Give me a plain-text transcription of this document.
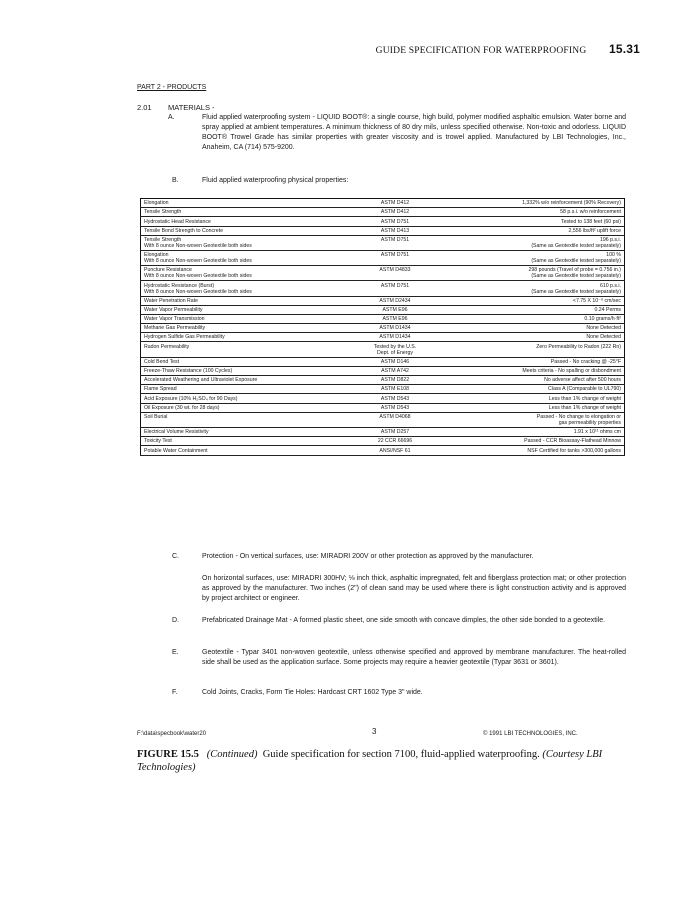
GUIDE SPECIFICATION FOR WATERPROOFING 15.31
PART 2 - PRODUCTS
2.01 MATERIALS -
A.	Fluid applied waterproofing system - LIQUID BOOT®: a single course, high build, polymer modified asphaltic emulsion. Water borne and spray applied at ambient temperatures. A minimum thickness of 80 dry mils, unless specified otherwise. Non-toxic and odorless. LIQUID BOOT® Trowel Grade has similar properties with greater viscosity and is trowel applied. Manufactured by LBI Technologies, Inc., Anaheim, CA (714) 575-9200.
B.	Fluid applied waterproofing physical properties:
Elongation	ASTM D412	1,332% w/o reinforcement (90% Recovery)
Tensile Strength	ASTM D412	58 p.s.i. w/o reinforcement
Hydrostatic Head Resistance	ASTM D751	Tested to 138 feet (60 psi)
Tensile Bond Strength to Concrete	ASTM D413	2,556 lbs/ft² uplift force
Tensile Strength
With 8 ounce Non-woven Geotextile both sides	ASTM D751	196 p.s.i.
(Same as Geotextile tested separately)
Elongation
With 8 ounce Non-woven Geotextile both sides	ASTM D751	100 %
(Same as Geotextile tested separately)
Puncture Resistance
With 8 ounce Non-woven Geotextile both sides	ASTM D4833	298 pounds (Travel of probe = 0.756 in.)
(Same as Geotextile tested separately)
Hydrostatic Resistance (Burst)
With 8 ounce Non-woven Geotextile both sides	ASTM D751	610 p.s.i.
(Same as Geotextile tested separately)
Water Penetration Rate	ASTM D2434	<7.75 X 10⁻⁹ cm/sec
Water Vapor Permeability	ASTM E96	0.24 Perms
Water Vapor Transmission	ASTM E96	0.10 grams/h·ft²
Methane Gas Permeability	ASTM D1434	None Detected
Hydrogen Sulfide Gas Permeability	ASTM D1434	None Detected
Radon Permeability	Tested by the U.S.
Dept. of Energy	Zero Permeability to Radon (222 Rn)
Cold Bend Test	ASTM D146	Passed - No cracking @ -25°F
Freeze-Thaw Resistance (100 Cycles)	ASTM A742	Meets criteria - No spalling or disbondment
Accelerated Weathering and Ultraviolet Exposure	ASTM D822	No adverse affect after 500 hours
Flame Spread	ASTM E108	Class A (Comparable to UL790)
Acid Exposure (10% H₂SO₄ for 90 Days)	ASTM D543	Less than 1% change of weight
Oil Exposure (30 wt. for 28 days)	ASTM D543	Less than 1% change of weight
Soil Burial	ASTM D4068	Passed - No change to elongation or
gas permeability properties
Electrical Volume Resistivity	ASTM D257	1.91 x 10¹¹ ohms cm
Toxicity Test	22 CCR 66696	Passed - CCR Bioassay-Flathead Minnow
Potable Water Containment	ANSI/NSF 61	NSF Certified for tanks >300,000 gallons
C.	Protection - On vertical surfaces, use: MIRADRI 200V or other protection as approved by the manufacturer.
On horizontal surfaces, use: MIRADRI 300HV; ⅛ inch thick, asphaltic impregnated, felt and fiberglass protection mat; or other protection as approved by the manufacturer. Two inches (2") of clean sand may be used where there is light construction activity and is approved by project architect or engineer.
D.	Prefabricated Drainage Mat - A formed plastic sheet, one side smooth with concave dimples, the other side bonded to a geotextile.
E.	Geotextile - Typar 3401 non-woven geotextile, unless otherwise specified and approved by membrane manufacturer. The heat-rolled side shall be used as the application surface. Some projects may require a heavier geotextile (Typar 3631 or 3601).
F.	Cold Joints, Cracks, Form Tie Holes: Hardcast CRT 1602 Type 3" wide.
F:\data\specbook\water20	3	© 1991 LBI TECHNOLOGIES, INC.
FIGURE 15.5 (Continued) Guide specification for section 7100, fluid-applied waterproofing. (Courtesy LBI Technologies)
